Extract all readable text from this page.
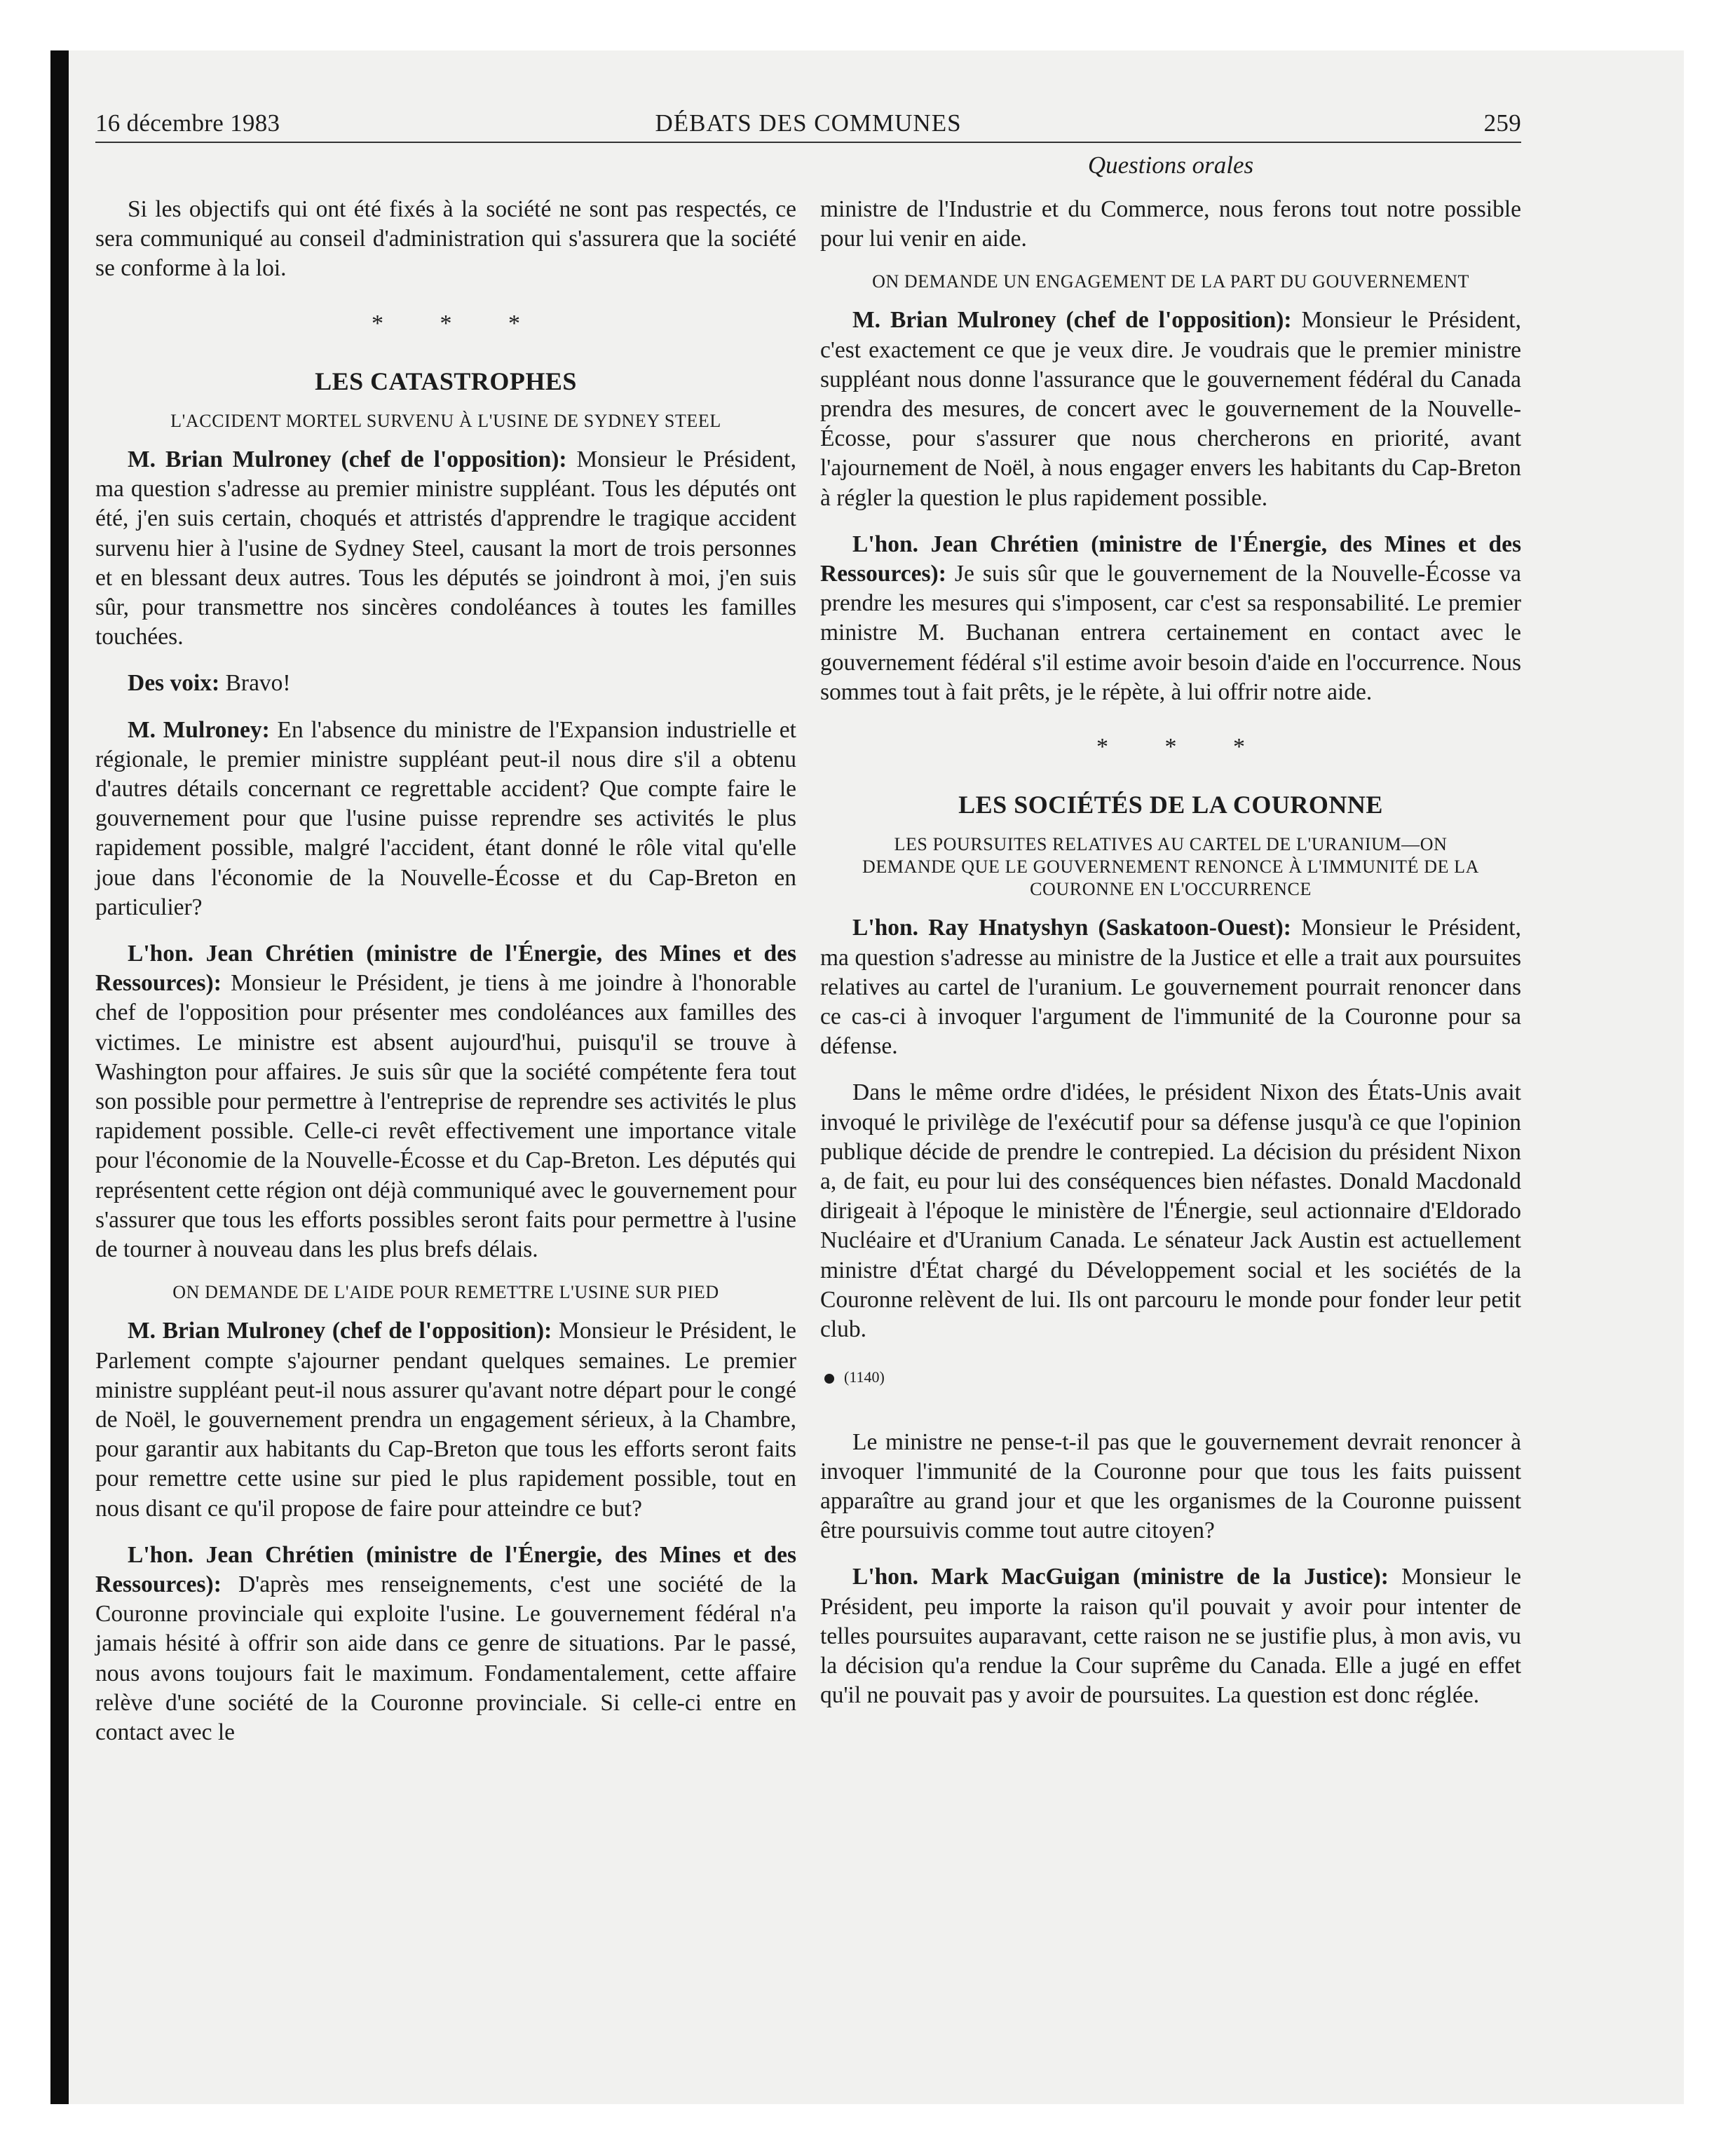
16 décembre 1983	DÉBATS DES COMMUNES	259
Questions orales

Si les objectifs qui ont été fixés à la société ne sont pas respectés, ce sera communiqué au conseil d'administration qui s'assurera que la société se conforme à la loi.

* * *
LES CATASTROPHES
L'ACCIDENT MORTEL SURVENU À L'USINE DE SYDNEY STEEL

M. Brian Mulroney (chef de l'opposition): Monsieur le Président, ma question s'adresse au premier ministre suppléant. Tous les députés ont été, j'en suis certain, choqués et attristés d'apprendre le tragique accident survenu hier à l'usine de Sydney Steel, causant la mort de trois personnes et en blessant deux autres. Tous les députés se joindront à moi, j'en suis sûr, pour transmettre nos sincères condoléances à toutes les familles touchées.

Des voix: Bravo!

M. Mulroney: En l'absence du ministre de l'Expansion industrielle et régionale, le premier ministre suppléant peut-il nous dire s'il a obtenu d'autres détails concernant ce regrettable accident? Que compte faire le gouvernement pour que l'usine puisse reprendre ses activités le plus rapidement possible, malgré l'accident, étant donné le rôle vital qu'elle joue dans l'économie de la Nouvelle-Écosse et du Cap-Breton en particulier?

L'hon. Jean Chrétien (ministre de l'Énergie, des Mines et des Ressources): Monsieur le Président, je tiens à me joindre à l'honorable chef de l'opposition pour présenter mes condoléances aux familles des victimes. Le ministre est absent aujourd'hui, puisqu'il se trouve à Washington pour affaires. Je suis sûr que la société compétente fera tout son possible pour permettre à l'entreprise de reprendre ses activités le plus rapidement possible. Celle-ci revêt effectivement une importance vitale pour l'économie de la Nouvelle-Écosse et du Cap-Breton. Les députés qui représentent cette région ont déjà communiqué avec le gouvernement pour s'assurer que tous les efforts possibles seront faits pour permettre à l'usine de tourner à nouveau dans les plus brefs délais.

ON DEMANDE DE L'AIDE POUR REMETTRE L'USINE SUR PIED

M. Brian Mulroney (chef de l'opposition): Monsieur le Président, le Parlement compte s'ajourner pendant quelques semaines. Le premier ministre suppléant peut-il nous assurer qu'avant notre départ pour le congé de Noël, le gouvernement prendra un engagement sérieux, à la Chambre, pour garantir aux habitants du Cap-Breton que tous les efforts seront faits pour remettre cette usine sur pied le plus rapidement possible, tout en nous disant ce qu'il propose de faire pour atteindre ce but?

L'hon. Jean Chrétien (ministre de l'Énergie, des Mines et des Ressources): D'après mes renseignements, c'est une société de la Couronne provinciale qui exploite l'usine. Le gouvernement fédéral n'a jamais hésité à offrir son aide dans ce genre de situations. Par le passé, nous avons toujours fait le maximum. Fondamentalement, cette affaire relève d'une société de la Couronne provinciale. Si celle-ci entre en contact avec le

ministre de l'Industrie et du Commerce, nous ferons tout notre possible pour lui venir en aide.

ON DEMANDE UN ENGAGEMENT DE LA PART DU GOUVERNEMENT

M. Brian Mulroney (chef de l'opposition): Monsieur le Président, c'est exactement ce que je veux dire. Je voudrais que le premier ministre suppléant nous donne l'assurance que le gouvernement fédéral du Canada prendra des mesures, de concert avec le gouvernement de la Nouvelle-Écosse, pour s'assurer que nous chercherons en priorité, avant l'ajournement de Noël, à nous engager envers les habitants du Cap-Breton à régler la question le plus rapidement possible.

L'hon. Jean Chrétien (ministre de l'Énergie, des Mines et des Ressources): Je suis sûr que le gouvernement de la Nouvelle-Écosse va prendre les mesures qui s'imposent, car c'est sa responsabilité. Le premier ministre M. Buchanan entrera certainement en contact avec le gouvernement fédéral s'il estime avoir besoin d'aide en l'occurrence. Nous sommes tout à fait prêts, je le répète, à lui offrir notre aide.

* * *
LES SOCIÉTÉS DE LA COURONNE
LES POURSUITES RELATIVES AU CARTEL DE L'URANIUM—ON DEMANDE QUE LE GOUVERNEMENT RENONCE À L'IMMUNITÉ DE LA COURONNE EN L'OCCURRENCE

L'hon. Ray Hnatyshyn (Saskatoon-Ouest): Monsieur le Président, ma question s'adresse au ministre de la Justice et elle a trait aux poursuites relatives au cartel de l'uranium. Le gouvernement pourrait renoncer dans ce cas-ci à invoquer l'argument de l'immunité de la Couronne pour sa défense.

Dans le même ordre d'idées, le président Nixon des États-Unis avait invoqué le privilège de l'exécutif pour sa défense jusqu'à ce que l'opinion publique décide de prendre le contrepied. La décision du président Nixon a, de fait, eu pour lui des conséquences bien néfastes. Donald Macdonald dirigeait à l'époque le ministère de l'Énergie, seul actionnaire d'Eldorado Nucléaire et d'Uranium Canada. Le sénateur Jack Austin est actuellement ministre d'État chargé du Développement social et les sociétés de la Couronne relèvent de lui. Ils ont parcouru le monde pour fonder leur petit club.

(1140)

Le ministre ne pense-t-il pas que le gouvernement devrait renoncer à invoquer l'immunité de la Couronne pour que tous les faits puissent apparaître au grand jour et que les organismes de la Couronne puissent être poursuivis comme tout autre citoyen?

L'hon. Mark MacGuigan (ministre de la Justice): Monsieur le Président, peu importe la raison qu'il pouvait y avoir pour intenter de telles poursuites auparavant, cette raison ne se justifie plus, à mon avis, vu la décision qu'a rendue la Cour suprême du Canada. Elle a jugé en effet qu'il ne pouvait pas y avoir de poursuites. La question est donc réglée.
